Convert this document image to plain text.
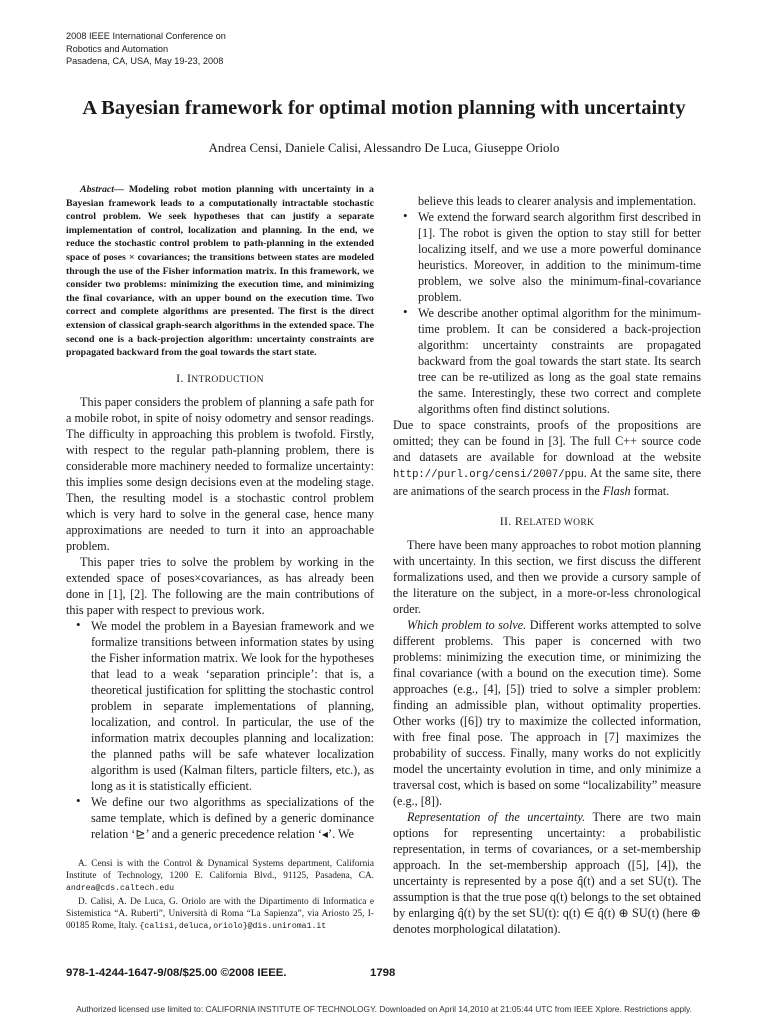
2008 IEEE International Conference on
Robotics and Automation
Pasadena, CA, USA, May 19-23, 2008
A Bayesian framework for optimal motion planning with uncertainty
Andrea Censi, Daniele Calisi, Alessandro De Luca, Giuseppe Oriolo

Abstract— Modeling robot motion planning with uncertainty in a Bayesian framework leads to a computationally intractable stochastic control problem. We seek hypotheses that can justify a separate implementation of control, localization and planning. In the end, we reduce the stochastic control problem to path-planning in the extended space of poses × covariances; the transitions between states are modeled through the use of the Fisher information matrix. In this framework, we consider two problems: minimizing the execution time, and minimizing the final covariance, with an upper bound on the execution time. Two correct and complete algorithms are presented. The first is the direct extension of classical graph-search algorithms in the extended space. The second one is a back-projection algorithm: uncertainty constraints are propagated backward from the goal towards the start state.

I. INTRODUCTION

This paper considers the problem of planning a safe path for a mobile robot, in spite of noisy odometry and sensor readings. The difficulty in approaching this problem is twofold. Firstly, with respect to the regular path-planning problem, there is considerable more machinery needed to formalize uncertainty: this implies some design decisions even at the modeling stage. Then, the resulting model is a stochastic control problem which is very hard to solve in the general case, hence many approximations are needed to turn it into an approachable problem.

This paper tries to solve the problem by working in the extended space of poses×covariances, as has already been done in [1], [2]. The following are the main contributions of this paper with respect to previous work.

• We model the problem in a Bayesian framework and we formalize transitions between information states by using the Fisher information matrix. We look for the hypotheses that lead to a weak ‘separation principle’: that is, a theoretical justification for splitting the stochastic control problem in separate implementations of planning, localization, and control. In particular, the use of the information matrix decouples planning and localization: the planned paths will be safe whatever localization algorithm is used (Kalman filters, particle filters, etc.), as long as it is statistically efficient.
• We define our two algorithms as specializations of the same template, which is defined by a generic dominance relation ‘⊵’ and a generic precedence relation ‘◂’. We
A. Censi is with the Control & Dynamical Systems department, California Institute of Technology, 1200 E. California Blvd., 91125, Pasadena, CA. andrea@cds.caltech.edu
D. Calisi, A. De Luca, G. Oriolo are with the Dipartimento di Informatica e Sistemistica “A. Ruberti”, Università di Roma “La Sapienza”, via Ariosto 25, I-00185 Rome, Italy. {calisi,deluca,oriolo}@dis.uniroma1.it
believe this leads to clearer analysis and implementation.
• We extend the forward search algorithm first described in [1]. The robot is given the option to stay still for better localizing itself, and we use a more powerful dominance heuristics. Moreover, in addition to the minimum-time problem, we solve also the minimum-final-covariance problem.
• We describe another optimal algorithm for the minimum-time problem. It can be considered a back-projection algorithm: uncertainty constraints are propagated backward from the goal towards the start state. Its search tree can be re-utilized as long as the goal state remains the same. Interestingly, these two correct and complete algorithms often find distinct solutions.

Due to space constraints, proofs of the propositions are omitted; they can be found in [3]. The full C++ source code and datasets are available for download at the website http://purl.org/censi/2007/ppu. At the same site, there are animations of the search process in the Flash format.

II. RELATED WORK

There have been many approaches to robot motion planning with uncertainty. In this section, we first discuss the different formalizations used, and then we provide a cursory sample of the literature on the subject, in a more-or-less chronological order.

Which problem to solve. Different works attempted to solve different problems. This paper is concerned with two problems: minimizing the execution time, or minimizing the final covariance (with a bound on the execution time). Some approaches (e.g., [4], [5]) tried to solve a simpler problem: finding an admissible plan, without optimality properties. Other works ([6]) try to maximize the collected information, with free final pose. The approach in [7] maximizes the probability of success. Finally, many works do not explicitly model the uncertainty evolution in time, and only minimize a traversal cost, which is based on some “localizability” measure (e.g., [8]).

Representation of the uncertainty. There are two main options for representing uncertainty: a probabilistic representation, in terms of covariances, or a set-membership approach. In the set-membership approach ([5], [4]), the uncertainty is represented by a pose q̂(t) and a set SU(t). The assumption is that the true pose q(t) belongs to the set obtained by enlarging q̂(t) by the set SU(t): q(t) ∈ q̂(t) ⊕ SU(t) (here ⊕ denotes morphological dilatation).

978-1-4244-1647-9/08/$25.00 ©2008 IEEE.	1798
Authorized licensed use limited to: CALIFORNIA INSTITUTE OF TECHNOLOGY. Downloaded on April 14,2010 at 21:05:44 UTC from IEEE Xplore. Restrictions apply.
